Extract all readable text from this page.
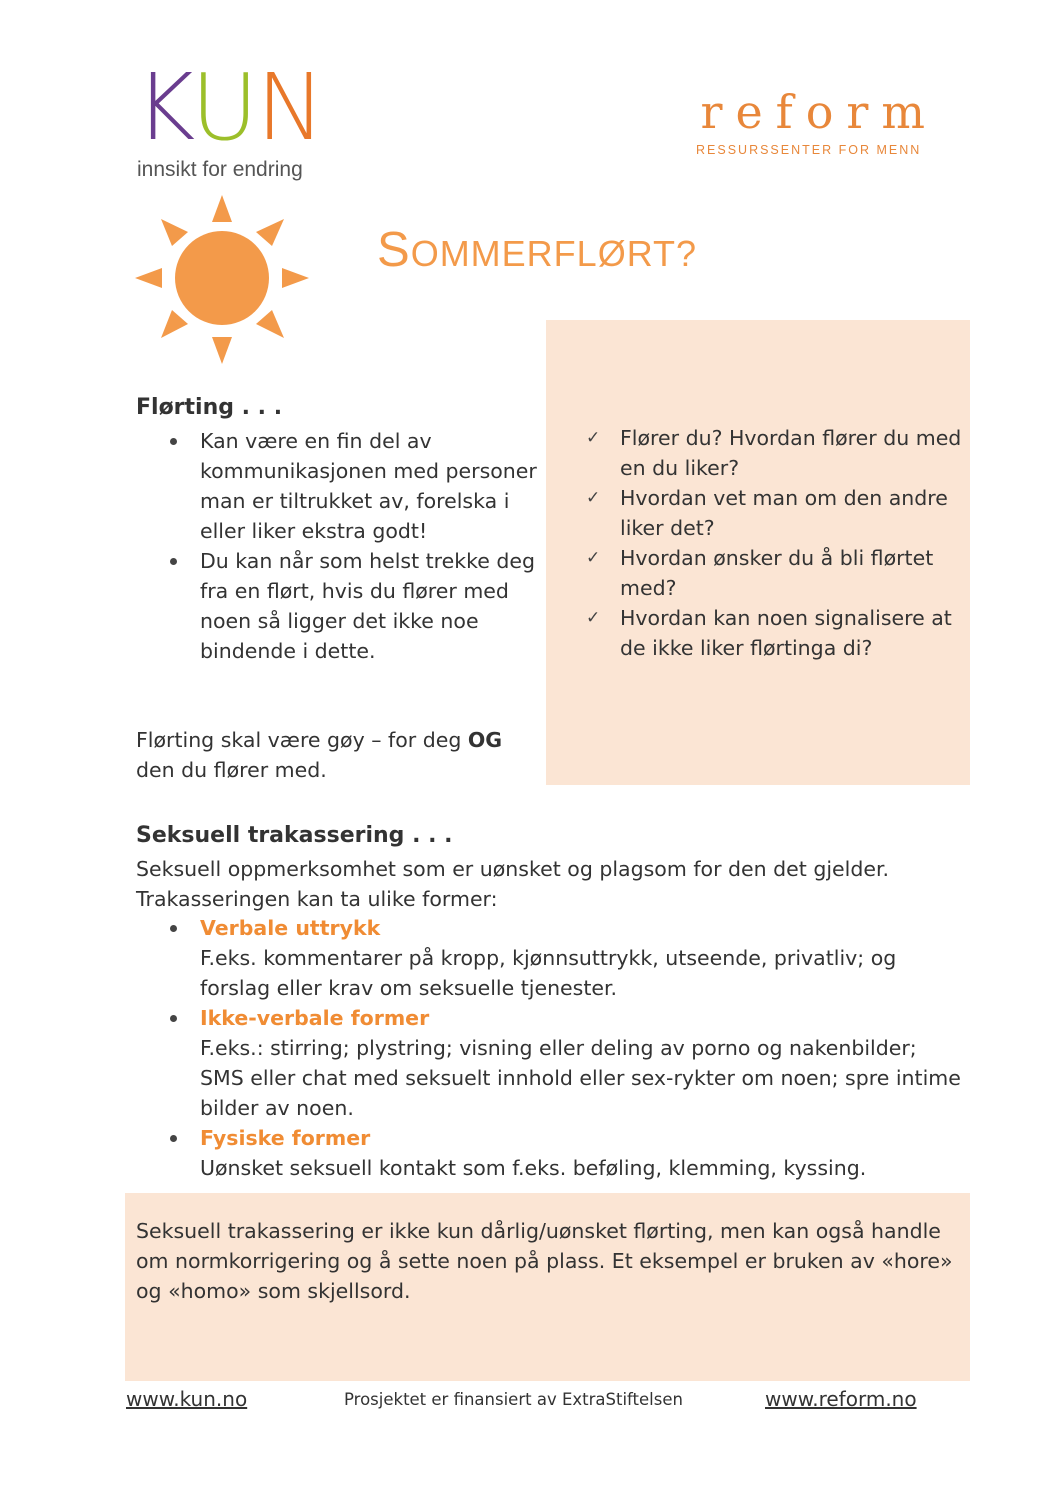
KUN
innsikt for endring
reform
RESSURSSENTER FOR MENN
SOMMERFLØRT?
✓ Flører du? Hvordan flører du med en du liker?
✓ Hvordan vet man om den andre liker det?
✓ Hvordan ønsker du å bli flørtet med?
✓ Hvordan kan noen signalisere at de ikke liker flørtinga di?
Flørting . . .
Kan være en fin del av kommunikasjonen med personer man er tiltrukket av, forelska i eller liker ekstra godt!
Du kan når som helst trekke deg fra en flørt, hvis du flører med noen så ligger det ikke noe bindende i dette.
Flørting skal være gøy – for deg OG den du flører med.
Seksuell trakassering . . .
Seksuell oppmerksomhet som er uønsket og plagsom for den det gjelder.
Trakasseringen kan ta ulike former:
Verbale uttrykk
F.eks. kommentarer på kropp, kjønnsuttrykk, utseende, privatliv; og forslag eller krav om seksuelle tjenester.
Ikke-verbale former
F.eks.: stirring; plystring; visning eller deling av porno og nakenbilder; SMS eller chat med seksuelt innhold eller sex-rykter om noen; spre intime bilder av noen.
Fysiske former
Uønsket seksuell kontakt som f.eks. beføling, klemming, kyssing.
Seksuell trakassering er ikke kun dårlig/uønsket flørting, men kan også handle om normkorrigering og å sette noen på plass. Et eksempel er bruken av «hore» og «homo» som skjellsord.
www.kun.no	Prosjektet er finansiert av ExtraStiftelsen	www.reform.no
